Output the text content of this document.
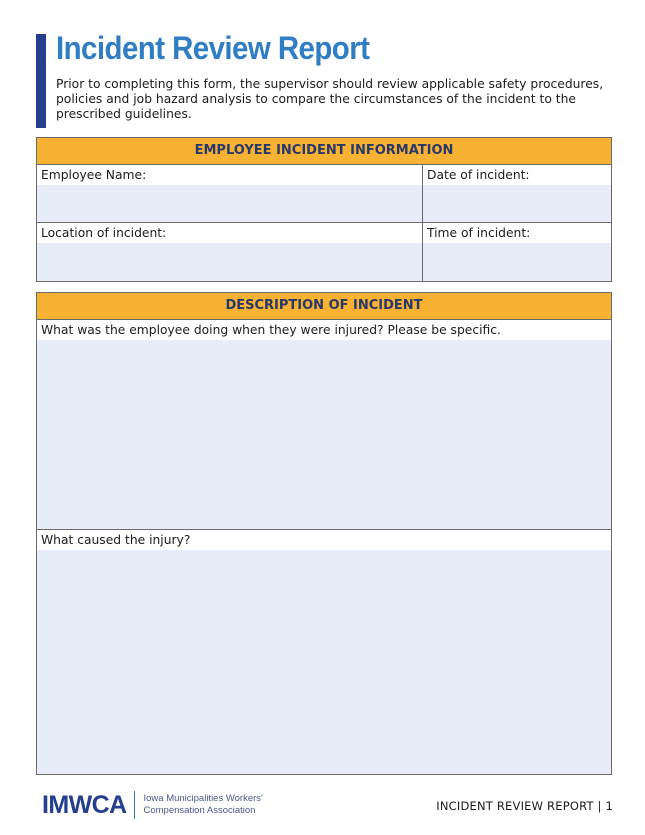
Incident Review Report

Prior to completing this form, the supervisor should review applicable safety procedures, policies and job hazard analysis to compare the circumstances of the incident to the prescribed guidelines.

EMPLOYEE INCIDENT INFORMATION
Employee Name:	Date of incident:
Location of incident:	Time of incident:
DESCRIPTION OF INCIDENT
What was the employee doing when they were injured? Please be specific.
What caused the injury?
IMWCA Iowa Municipalities Workers'
Compensation Association	INCIDENT REVIEW REPORT | 1
